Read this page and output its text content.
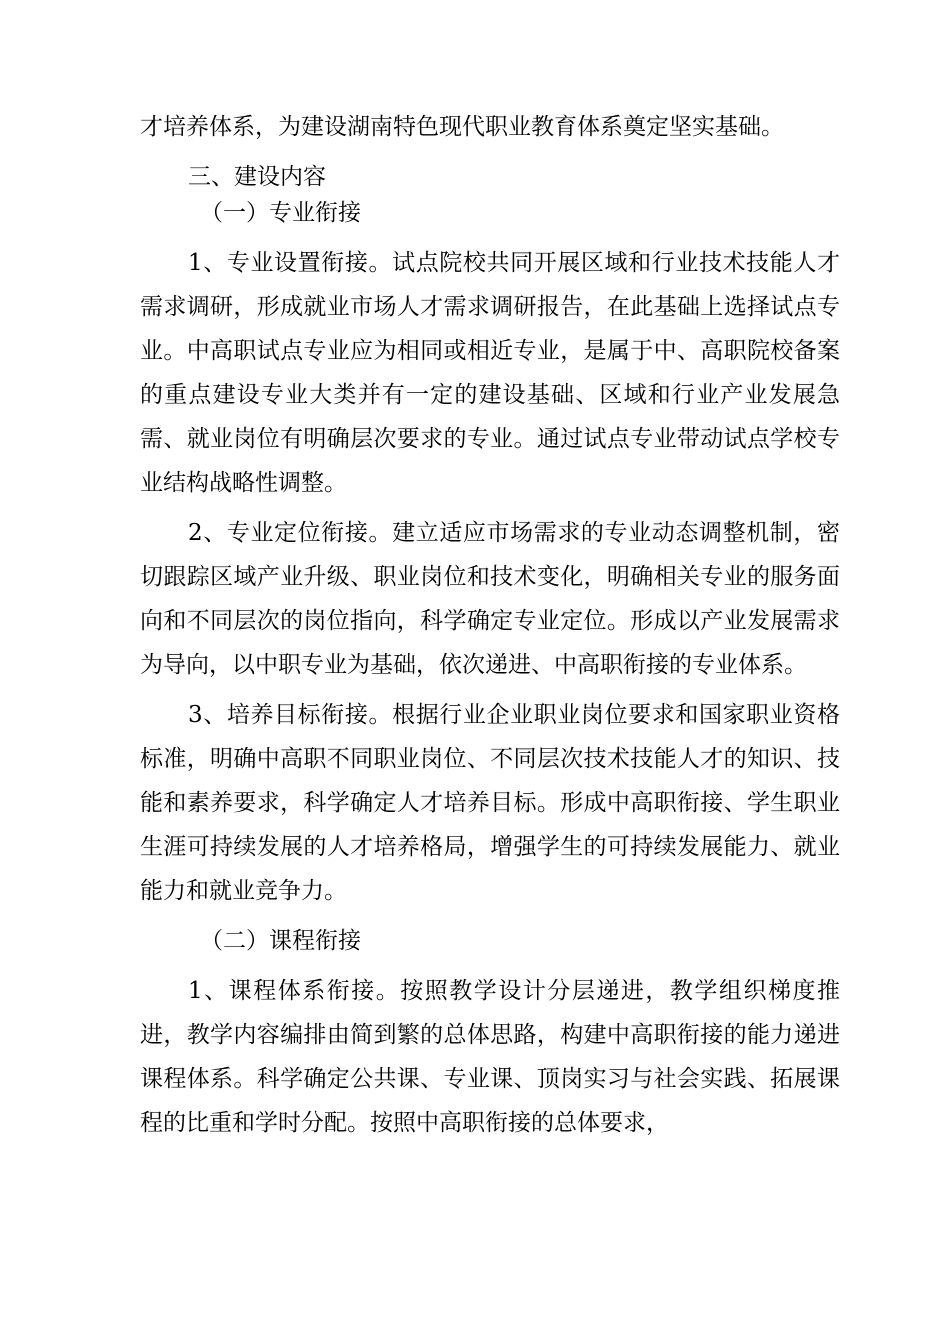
才培养体系，为建设湖南特色现代职业教育体系奠定坚实基础。

三、建设内容

（一）专业衔接

1、专业设置衔接。试点院校共同开展区域和行业技术技能人才需求调研，形成就业市场人才需求调研报告，在此基础上选择试点专业。中高职试点专业应为相同或相近专业，是属于中、高职院校备案的重点建设专业大类并有一定的建设基础、区域和行业产业发展急需、就业岗位有明确层次要求的专业。通过试点专业带动试点学校专业结构战略性调整。

2、专业定位衔接。建立适应市场需求的专业动态调整机制，密切跟踪区域产业升级、职业岗位和技术变化，明确相关专业的服务面向和不同层次的岗位指向，科学确定专业定位。形成以产业发展需求为导向，以中职专业为基础，依次递进、中高职衔接的专业体系。

3、培养目标衔接。根据行业企业职业岗位要求和国家职业资格标准，明确中高职不同职业岗位、不同层次技术技能人才的知识、技能和素养要求，科学确定人才培养目标。形成中高职衔接、学生职业生涯可持续发展的人才培养格局，增强学生的可持续发展能力、就业能力和就业竞争力。

（二）课程衔接

1、课程体系衔接。按照教学设计分层递进，教学组织梯度推进，教学内容编排由简到繁的总体思路，构建中高职衔接的能力递进课程体系。科学确定公共课、专业课、顶岗实习与社会实践、拓展课程的比重和学时分配。按照中高职衔接的总体要求，
